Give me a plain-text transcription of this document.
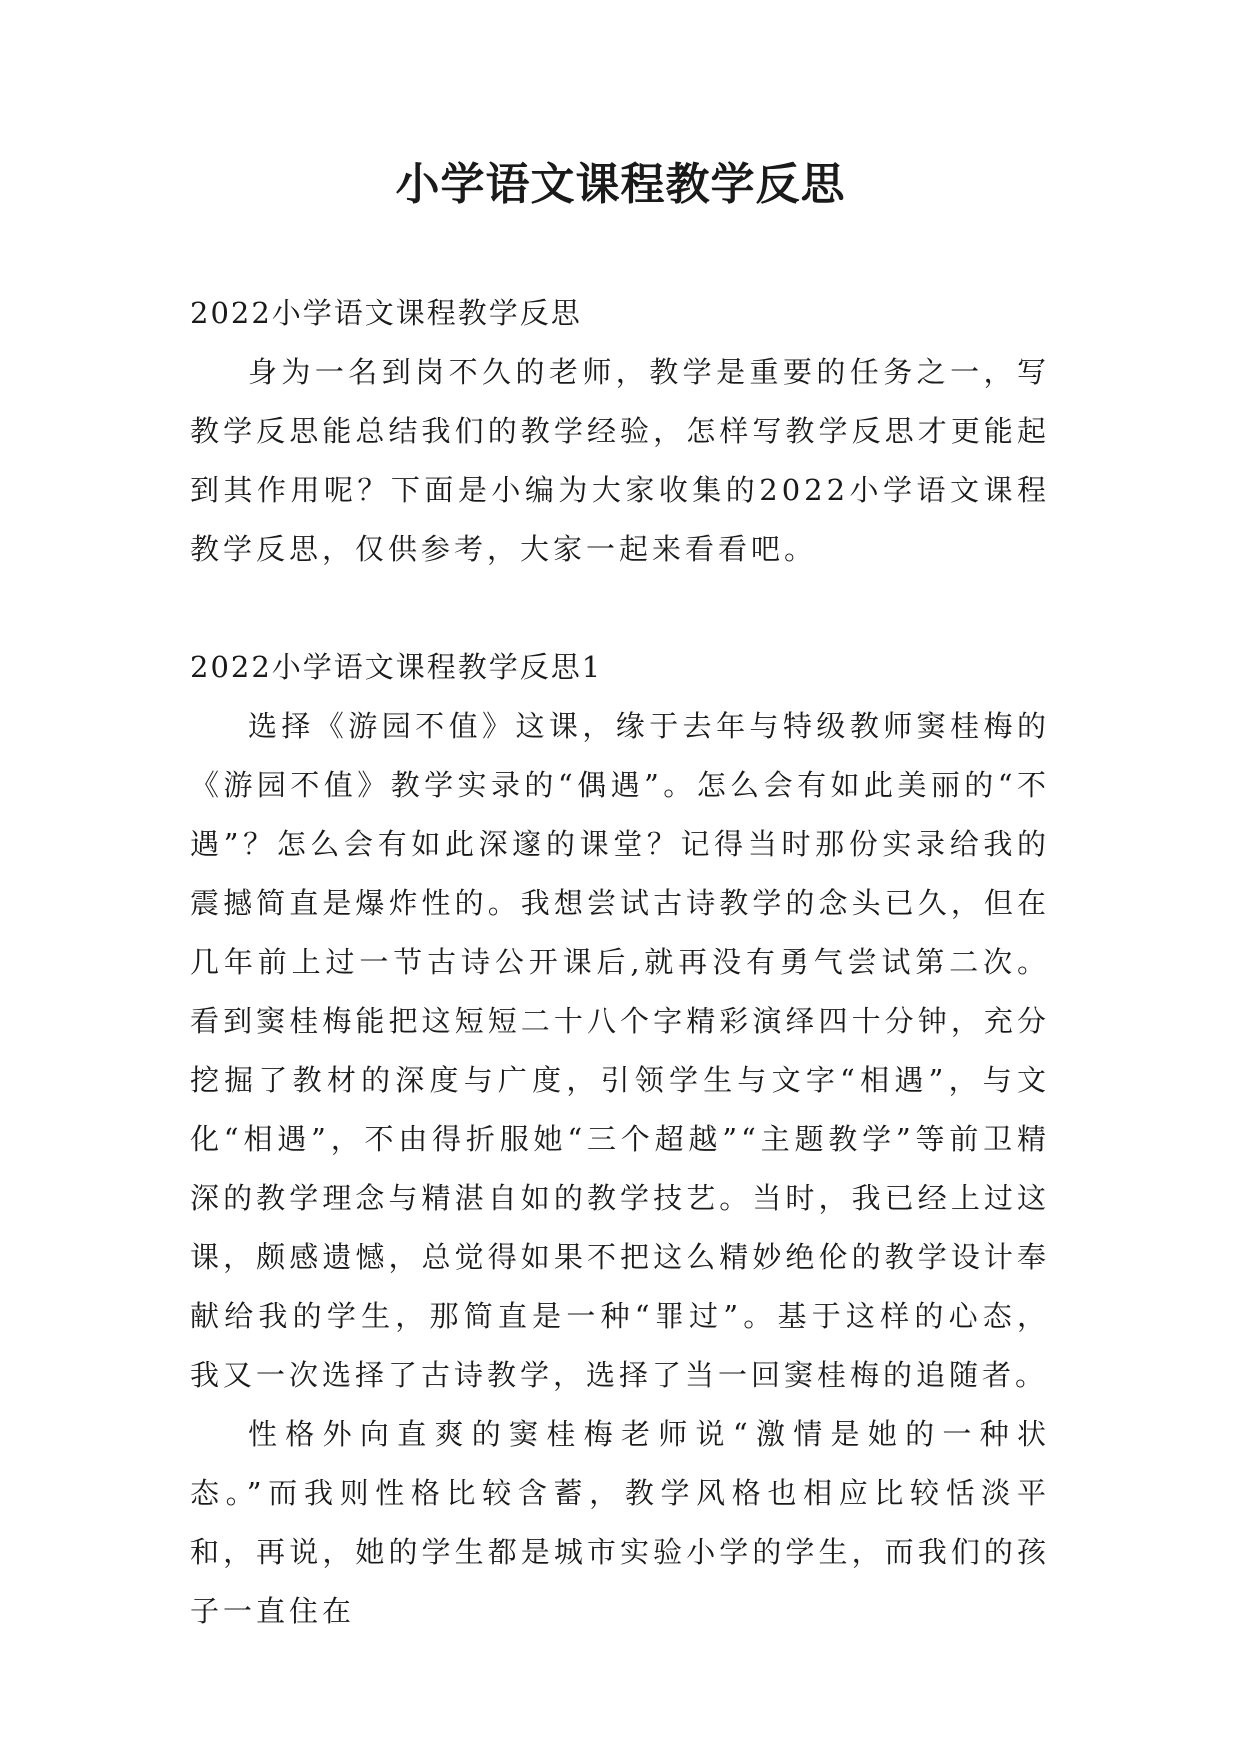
小学语文课程教学反思

2022小学语文课程教学反思

身为一名到岗不久的老师，教学是重要的任务之一，写教学反思能总结我们的教学经验，怎样写教学反思才更能起到其作用呢？下面是小编为大家收集的2022小学语文课程教学反思，仅供参考，大家一起来看看吧。

2022小学语文课程教学反思1

选择《游园不值》这课，缘于去年与特级教师窦桂梅的《游园不值》教学实录的“偶遇”。怎么会有如此美丽的“不遇”？怎么会有如此深邃的课堂？记得当时那份实录给我的震撼简直是爆炸性的。我想尝试古诗教学的念头已久，但在几年前上过一节古诗公开课后,就再没有勇气尝试第二次。看到窦桂梅能把这短短二十八个字精彩演绎四十分钟，充分挖掘了教材的深度与广度，引领学生与文字“相遇”，与文化“相遇”，不由得折服她“三个超越”“主题教学”等前卫精深的教学理念与精湛自如的教学技艺。当时，我已经上过这课，颇感遗憾，总觉得如果不把这么精妙绝伦的教学设计奉献给我的学生，那简直是一种“罪过”。基于这样的心态，我又一次选择了古诗教学，选择了当一回窦桂梅的追随者。

性格外向直爽的窦桂梅老师说“激情是她的一种状态。”而我则性格比较含蓄，教学风格也相应比较恬淡平和，再说，她的学生都是城市实验小学的学生，而我们的孩子一直住在
